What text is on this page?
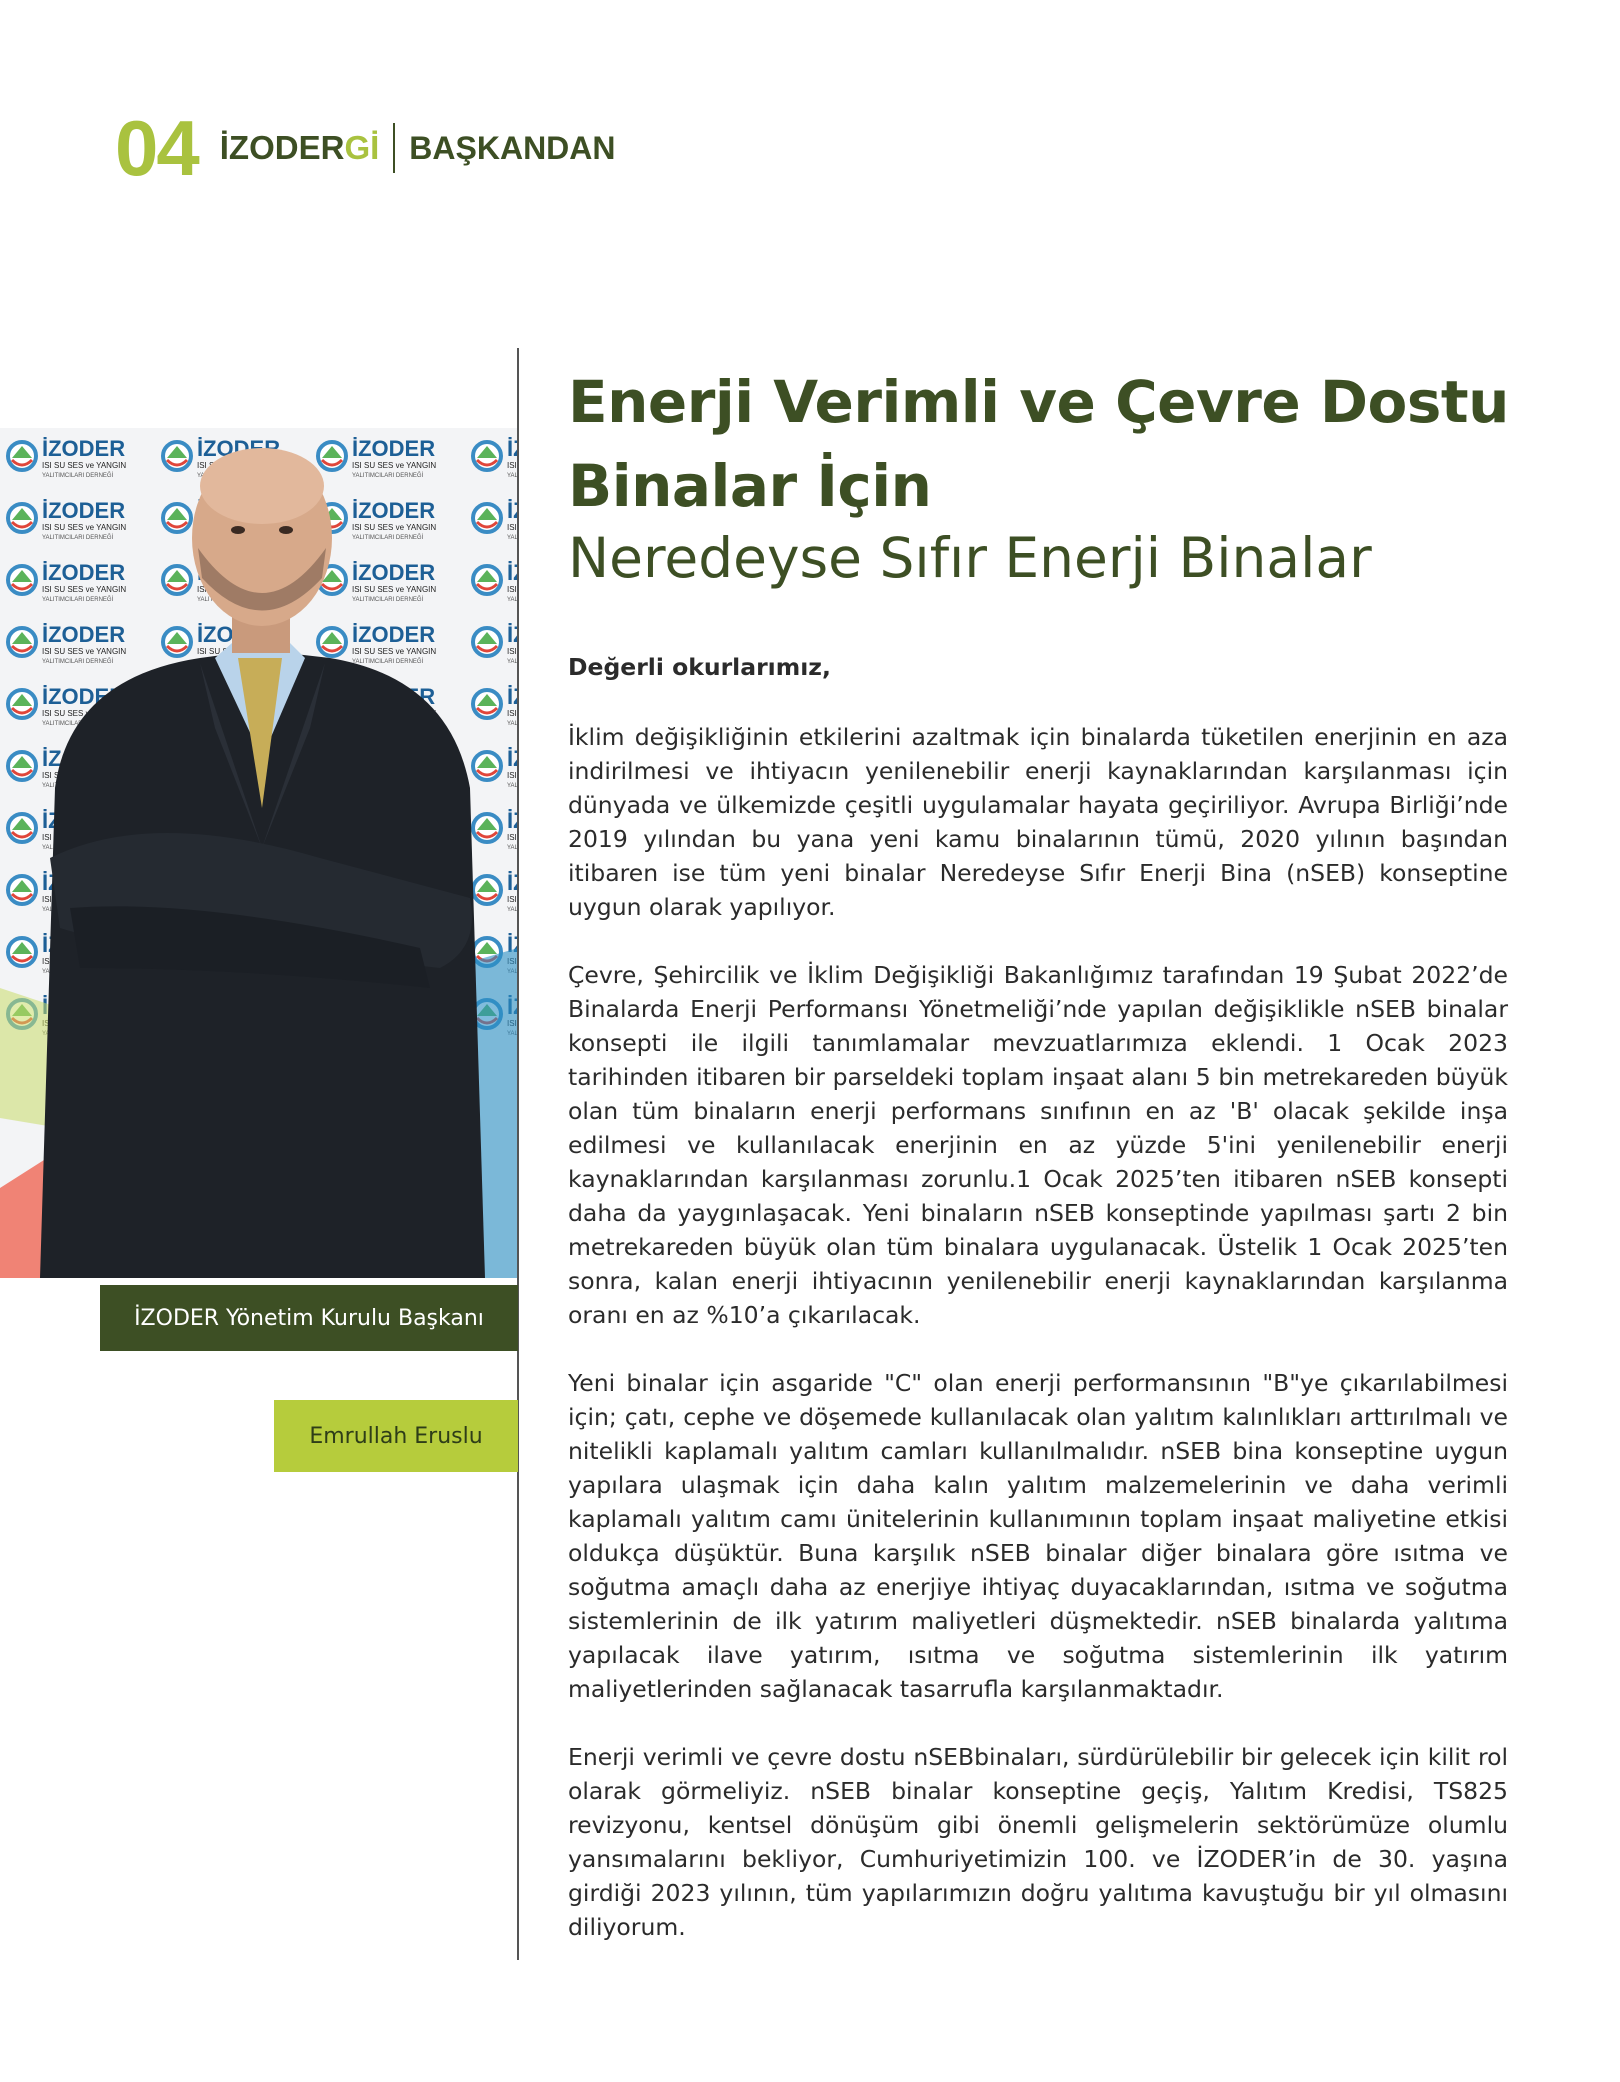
04 İZODERGİ BAŞKANDAN
İZODER Yönetim Kurulu Başkanı
Emrullah Eruslu
Enerji Verimli ve Çevre Dostu
Binalar İçin
Neredeyse Sıfır Enerji Binalar

Değerli okurlarımız,

İklim değişikliğinin etkilerini azaltmak için binalarda tüketilen enerjinin en aza indirilmesi ve ihtiyacın yenilenebilir enerji kaynaklarından karşılanması için dünyada ve ülkemizde çeşitli uygulamalar hayata geçiriliyor. Avrupa Birliği’nde 2019 yılından bu yana yeni kamu binalarının tümü, 2020 yılının başından itibaren ise tüm yeni binalar Neredeyse Sıfır Enerji Bina (nSEB) konseptine uygun olarak yapılıyor.

Çevre, Şehircilik ve İklim Değişikliği Bakanlığımız tarafından 19 Şubat 2022’de Binalarda Enerji Performansı Yönetmeliği’nde yapılan değişiklikle nSEB binalar konsepti ile ilgili tanımlamalar mevzuatlarımıza eklendi. 1 Ocak 2023 tarihinden itibaren bir parseldeki toplam inşaat alanı 5 bin metrekareden büyük olan tüm binaların enerji performans sınıfının en az 'B' olacak şekilde inşa edilmesi ve kullanılacak enerjinin en az yüzde 5'ini yenilenebilir enerji kaynaklarından karşılanması zorunlu.1 Ocak 2025’ten itibaren nSEB konsepti daha da yaygınlaşacak. Yeni binaların nSEB konseptinde yapılması şartı 2 bin metrekareden büyük olan tüm binalara uygulanacak. Üstelik 1 Ocak 2025’ten sonra, kalan enerji ihtiyacının yenilenebilir enerji kaynaklarından karşılanma oranı en az %10’a çıkarılacak.

Yeni binalar için asgaride "C" olan enerji performansının "B"ye çıkarılabilmesi için; çatı, cephe ve döşemede kullanılacak olan yalıtım kalınlıkları arttırılmalı ve nitelikli kaplamalı yalıtım camları kullanılmalıdır. nSEB bina konseptine uygun yapılara ulaşmak için daha kalın yalıtım malzemelerinin ve daha verimli kaplamalı yalıtım camı ünitelerinin kullanımının toplam inşaat maliyetine etkisi oldukça düşüktür. Buna karşılık nSEB binalar diğer binalara göre ısıtma ve soğutma amaçlı daha az enerjiye ihtiyaç duyacaklarından, ısıtma ve soğutma sistemlerinin de ilk yatırım maliyetleri düşmektedir. nSEB binalarda yalıtıma yapılacak ilave yatırım, ısıtma ve soğutma sistemlerinin ilk yatırım maliyetlerinden sağlanacak tasarrufla karşılanmaktadır.

Enerji verimli ve çevre dostu nSEBbinaları, sürdürülebilir bir gelecek için kilit rol olarak görmeliyiz. nSEB binalar konseptine geçiş, Yalıtım Kredisi, TS825 revizyonu, kentsel dönüşüm gibi önemli gelişmelerin sektörümüze olumlu yansımalarını bekliyor, Cumhuriyetimizin 100. ve İZODER’in de 30. yaşına girdiği 2023 yılının, tüm yapılarımızın doğru yalıtıma kavuştuğu bir yıl olmasını diliyorum.
